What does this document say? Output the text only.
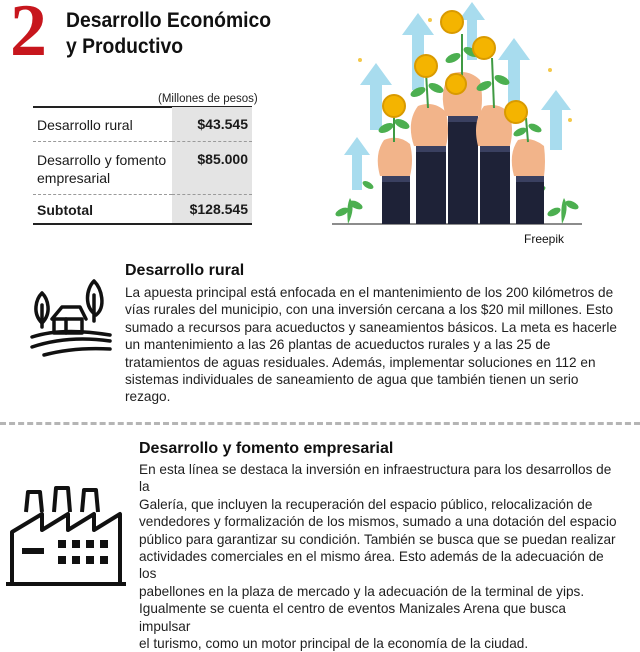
2 Desarrollo Económico
y Productivo
(Millones de pesos)
Desarrollo rural	$43.545

Desarrollo y fomento
empresarial	$85.000
Subtotal	$128.545
Freepik
Desarrollo rural
La apuesta principal está enfocada en el mantenimiento de los 200 kilómetros de
vías rurales del municipio, con una inversión cercana a los $20 mil millones. Esto
sumado a recursos para acueductos y saneamientos básicos. La meta es hacerle
un mantenimiento a las 26 plantas de acueductos rurales y a las 25 de
tratamientos de aguas residuales. Además, implementar soluciones en 112 en
sistemas individuales de saneamiento de agua que también tienen un serio rezago.
Desarrollo y fomento empresarial
En esta línea se destaca la inversión en infraestructura para los desarrollos de la
Galería, que incluyen la recuperación del espacio público, relocalización de
vendedores y formalización de los mismos, sumado a una dotación del espacio
público para garantizar su condición. También se busca que se puedan realizar
actividades comerciales en el mismo área. Esto además de la adecuación de los
pabellones en la plaza de mercado y la adecuación de la terminal de yips.
Igualmente se cuenta el centro de eventos Manizales Arena que busca impulsar
el turismo, como un motor principal de la economía de la ciudad.
